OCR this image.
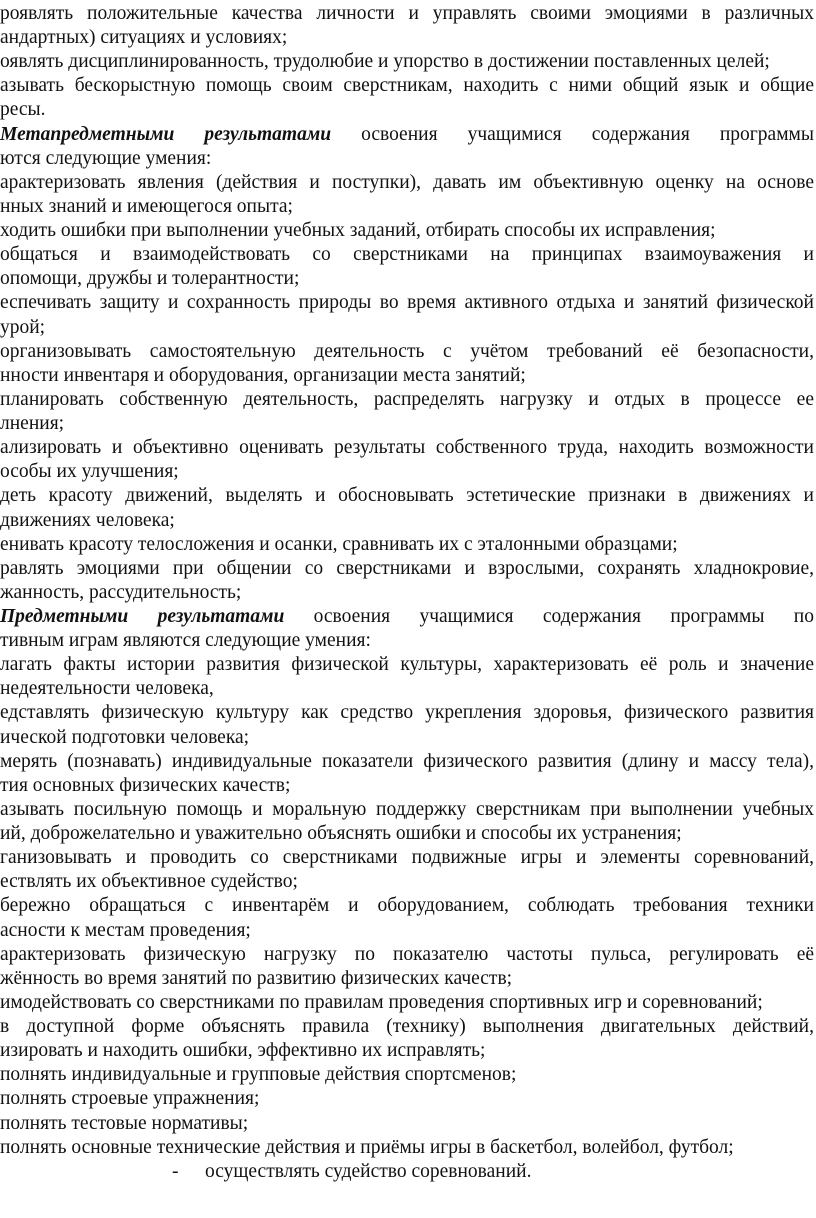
роявлять положительные качества личности и управлять своими эмоциями в различных
андартных) ситуациях и условиях;
оявлять дисциплинированность, трудолюбие и упорство в достижении поставленных целей;
азывать бескорыстную помощь своим сверстникам, находить с ними общий язык и общие
ресы.
Метапредметными результатами освоения учащимися содержания программы
ются следующие умения:
арактеризовать явления (действия и поступки), давать им объективную оценку на основе
нных знаний и имеющегося опыта;
ходить ошибки при выполнении учебных заданий, отбирать способы их исправления;
общаться и взаимодействовать со сверстниками на принципах взаимоуважения и
опомощи, дружбы и толерантности;
еспечивать защиту и сохранность природы во время активного отдыха и занятий физической
урой;
организовывать самостоятельную деятельность с учётом требований её безопасности,
нности инвентаря и оборудования, организации места занятий;
планировать собственную деятельность, распределять нагрузку и отдых в процессе ее
лнения;
ализировать и объективно оценивать результаты собственного труда, находить возможности
особы их улучшения;
деть красоту движений, выделять и обосновывать эстетические признаки в движениях и
движениях человека;
енивать красоту телосложения и осанки, сравнивать их с эталонными образцами;
равлять эмоциями при общении со сверстниками и взрослыми, сохранять хладнокровие,
жанность, рассудительность;
Предметными результатами освоения учащимися содержания программы по
тивным играм являются следующие умения:
лагать факты истории развития физической культуры, характеризовать её роль и значение
недеятельности человека,
едставлять физическую культуру как средство укрепления здоровья, физического развития
ической подготовки человека;
мерять (познавать) индивидуальные показатели физического развития (длину и массу тела),
тия основных физических качеств;
азывать посильную помощь и моральную поддержку сверстникам при выполнении учебных
ий, доброжелательно и уважительно объяснять ошибки и способы их устранения;
ганизовывать и проводить со сверстниками подвижные игры и элементы соревнований,
ествлять их объективное судейство;
бережно обращаться с инвентарём и оборудованием, соблюдать требования техники
асности к местам проведения;
арактеризовать физическую нагрузку по показателю частоты пульса, регулировать её
жённость во время занятий по развитию физических качеств;
имодействовать со сверстниками по правилам проведения спортивных игр и соревнований;
в доступной форме объяснять правила (технику) выполнения двигательных действий,
изировать и находить ошибки, эффективно их исправлять;
полнять индивидуальные и групповые действия спортсменов;
полнять строевые упражнения;
полнять тестовые нормативы;
полнять основные технические действия и приёмы игры в баскетбол, волейбол, футбол;
- осуществлять судейство соревнований.
